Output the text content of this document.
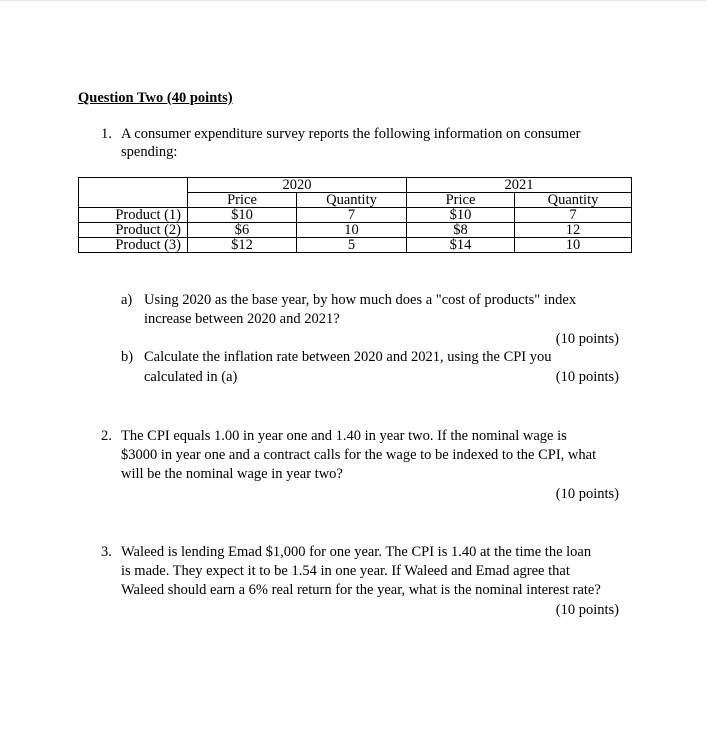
Question Two (40 points)
1. A consumer expenditure survey reports the following information on consumer
spending:
	2020		2021	
	Price	Quantity	Price	Quantity
Product (1)	$10	7	$10	7
Product (2)	$6	10	$8	12
Product (3)	$12	5	$14	10
a) Using 2020 as the base year, by how much does a "cost of products" index
increase between 2020 and 2021?
(10 points)
b) Calculate the inflation rate between 2020 and 2021, using the CPI you
calculated in (a)	(10 points)
2. The CPI equals 1.00 in year one and 1.40 in year two. If the nominal wage is
$3000 in year one and a contract calls for the wage to be indexed to the CPI, what
will be the nominal wage in year two?
(10 points)
3. Waleed is lending Emad $1,000 for one year. The CPI is 1.40 at the time the loan
is made. They expect it to be 1.54 in one year. If Waleed and Emad agree that
Waleed should earn a 6% real return for the year, what is the nominal interest rate?
(10 points)
